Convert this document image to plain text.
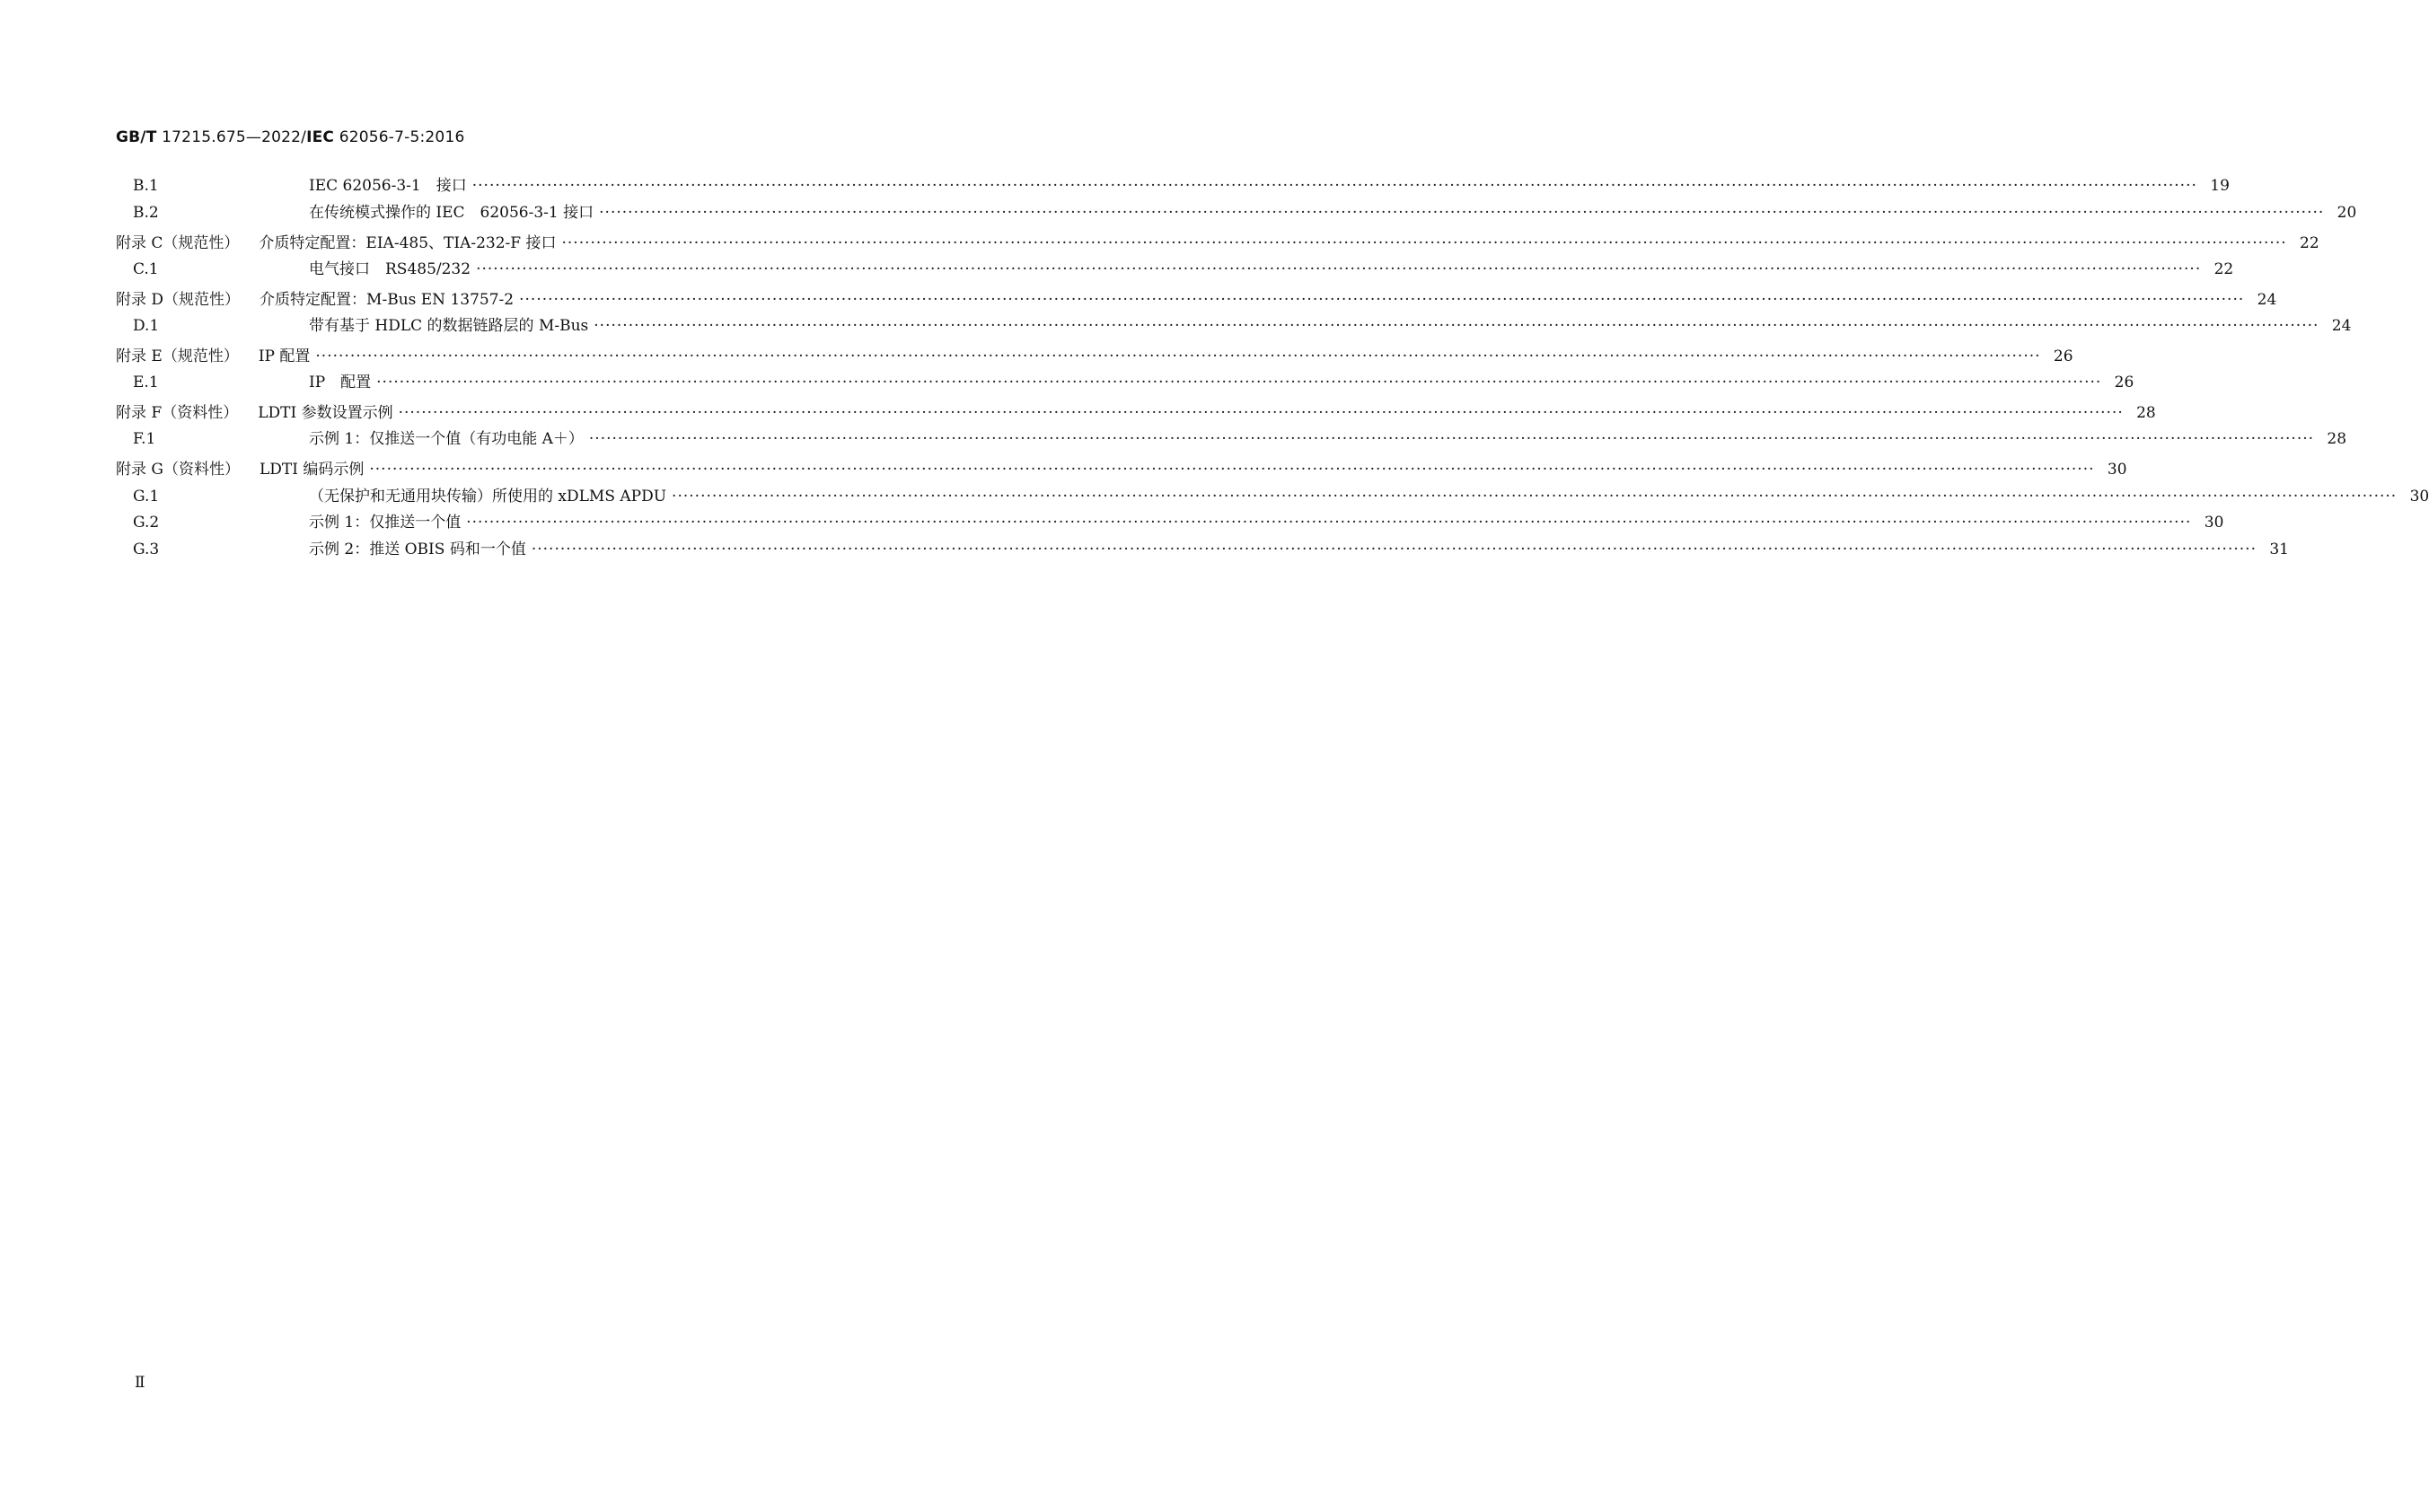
GB/T 17215.675—2022/IEC 62056-7-5:2016
B.1	IEC 62056-3-1　接口 ············································································································································································································································································································ 19
B.2	在传统模式操作的 IEC　62056-3-1 接口 ············································································································································································································································································································ 20
附录 C（规范性） 介质特定配置：EIA-485、TIA-232-F 接口 ············································································································································································································································································································ 22
C.1	电气接口　RS485/232 ············································································································································································································································································································ 22
附录 D（规范性） 介质特定配置：M-Bus EN 13757-2 ············································································································································································································································································································ 24
D.1	带有基于 HDLC 的数据链路层的 M-Bus ············································································································································································································································································································ 24
附录 E（规范性） IP 配置 ············································································································································································································································································································ 26
E.1	IP　配置 ············································································································································································································································································································ 26
附录 F（资料性） LDTI 参数设置示例 ············································································································································································································································································································ 28
F.1	示例 1：仅推送一个值（有功电能 A＋） ············································································································································································································································································································ 28
附录 G（资料性） LDTI 编码示例 ············································································································································································································································································································ 30
G.1	（无保护和无通用块传输）所使用的 xDLMS APDU ············································································································································································································································································································ 30
G.2	示例 1：仅推送一个值 ············································································································································································································································································································ 30
G.3	示例 2：推送 OBIS 码和一个值 ············································································································································································································································································································ 31
Ⅱ
